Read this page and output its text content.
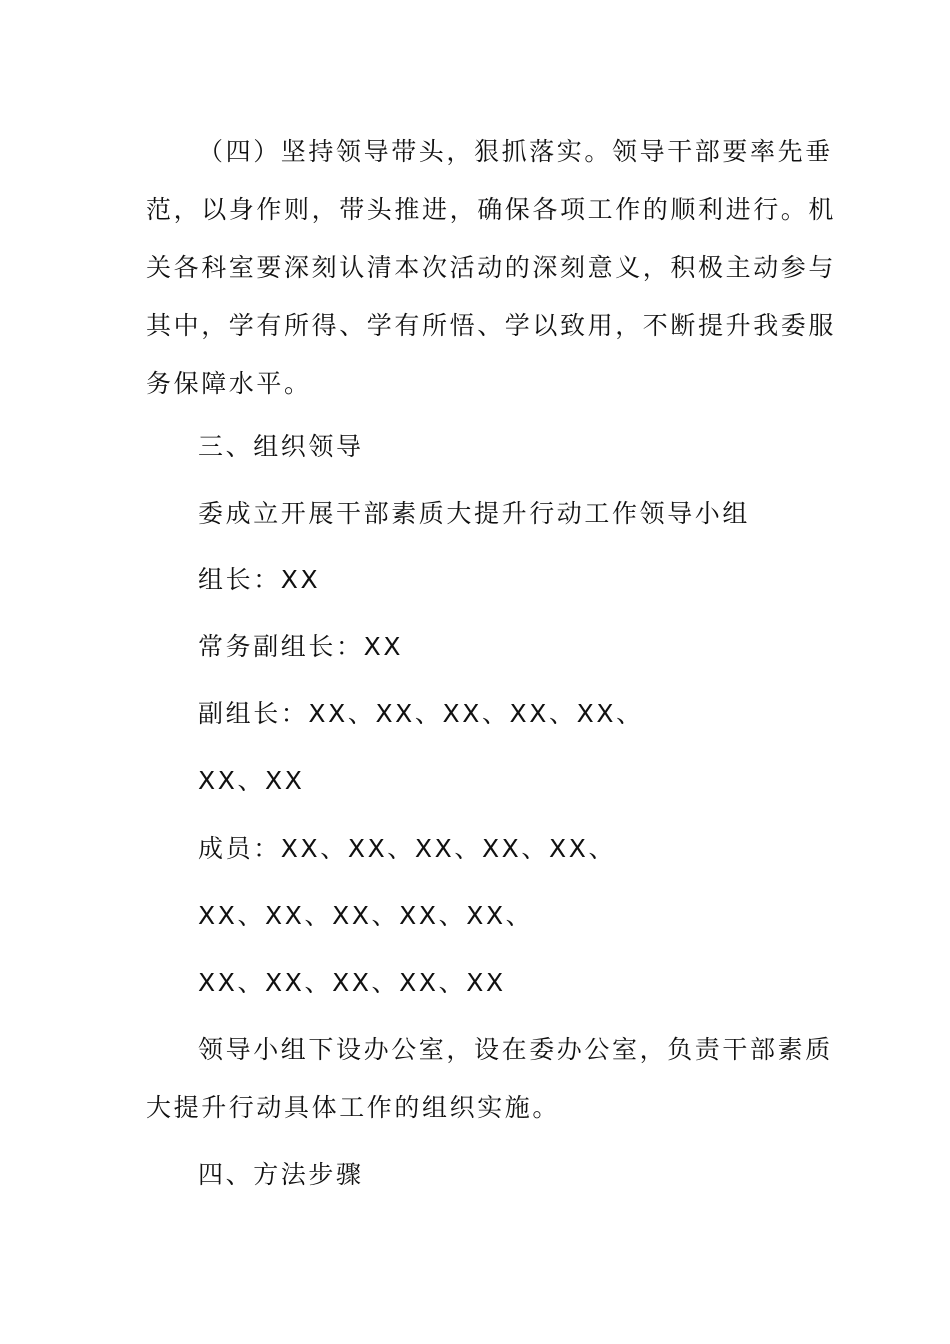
（四）坚持领导带头，狠抓落实。领导干部要率先垂
范，以身作则，带头推进，确保各项工作的顺利进行。机
关各科室要深刻认清本次活动的深刻意义，积极主动参与
其中，学有所得、学有所悟、学以致用，不断提升我委服
务保障水平。
三、组织领导
委成立开展干部素质大提升行动工作领导小组
组长：XX
常务副组长：XX
副组长：XX、XX、XX、XX、XX、
XX、XX
成员：XX、XX、XX、XX、XX、
XX、XX、XX、XX、XX、
XX、XX、XX、XX、XX
领导小组下设办公室，设在委办公室，负责干部素质
大提升行动具体工作的组织实施。
四、方法步骤
